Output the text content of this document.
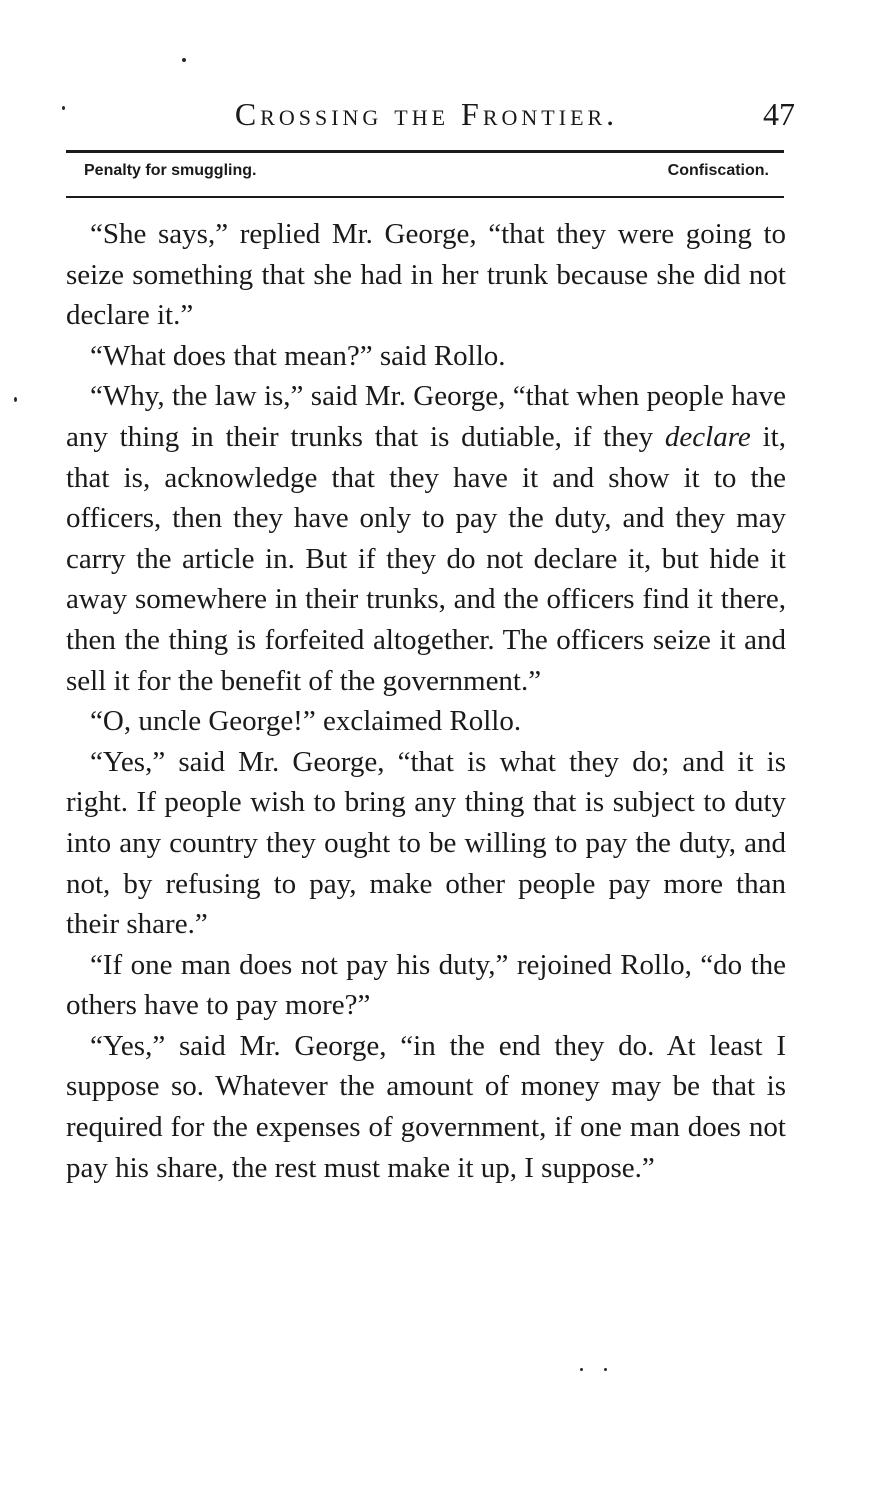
Crossing the Frontier.	47
Penalty for smuggling.	Confiscation.

“She says,” replied Mr. George, “that they were going to seize something that she had in her trunk because she did not declare it.”

“What does that mean?” said Rollo.

“Why, the law is,” said Mr. George, “that when people have any thing in their trunks that is dutiable, if they declare it, that is, acknowledge that they have it and show it to the officers, then they have only to pay the duty, and they may carry the article in. But if they do not declare it, but hide it away somewhere in their trunks, and the officers find it there, then the thing is forfeited altogether. The officers seize it and sell it for the benefit of the government.”

“O, uncle George!” exclaimed Rollo.

“Yes,” said Mr. George, “that is what they do; and it is right. If people wish to bring any thing that is subject to duty into any country they ought to be willing to pay the duty, and not, by refusing to pay, make other people pay more than their share.”

“If one man does not pay his duty,” rejoined Rollo, “do the others have to pay more?”

“Yes,” said Mr. George, “in the end they do. At least I suppose so. Whatever the amount of money may be that is required for the expenses of government, if one man does not pay his share, the rest must make it up, I suppose.”
